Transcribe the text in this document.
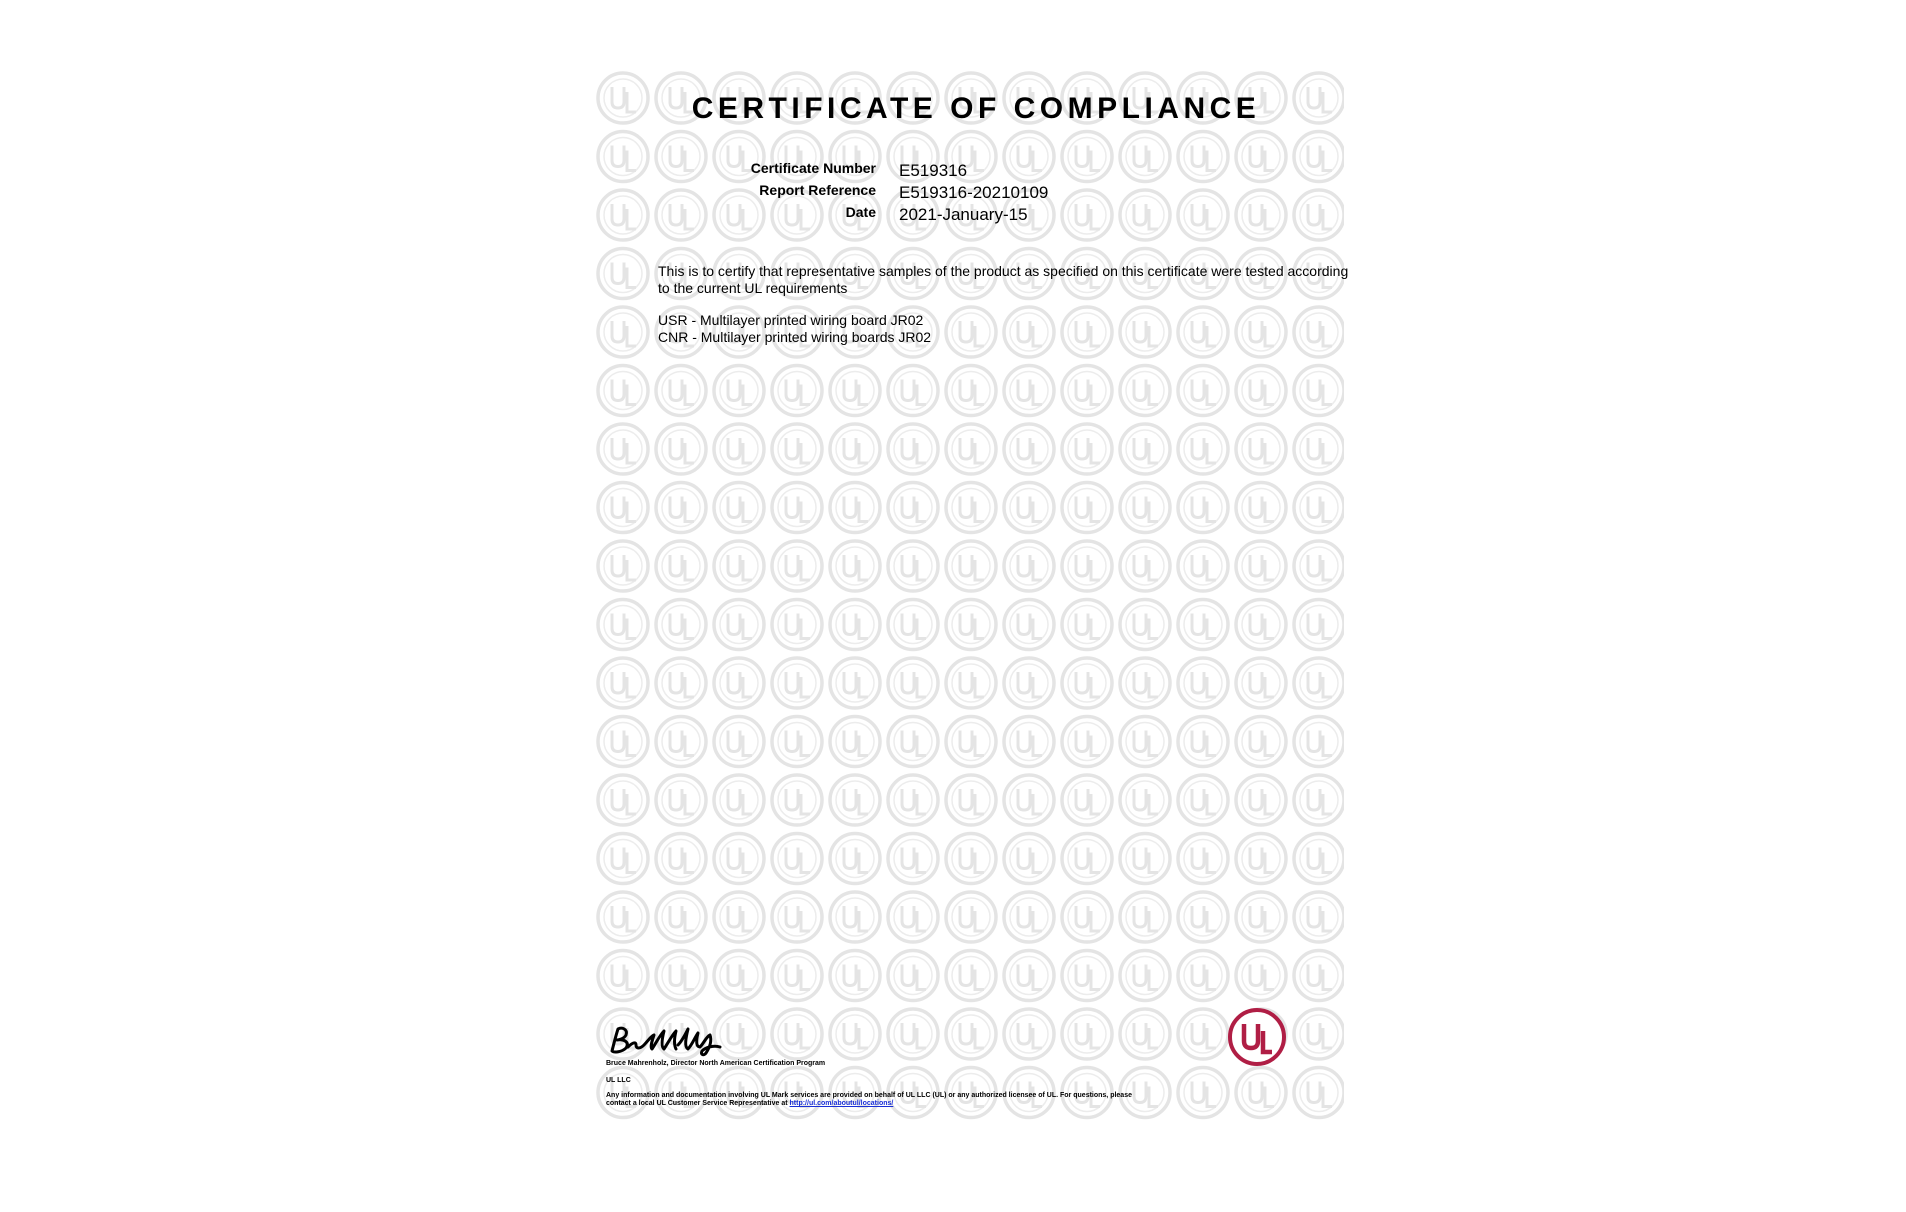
CERTIFICATE OF COMPLIANCE
Certificate Number E519316
Report Reference E519316-20210109
Date 2021-January-15
This is to certify that representative samples of the product as specified on this certificate were tested according to the current UL requirements
USR - Multilayer printed wiring board JR02
CNR - Multilayer printed wiring boards JR02
Bruce Mahrenholz, Director North American Certification Program
UL LLC
Any information and documentation involving UL Mark services are provided on behalf of UL LLC (UL) or any authorized licensee of UL. For questions, please
contact a local UL Customer Service Representative at http://ul.com/aboutul/locations/
